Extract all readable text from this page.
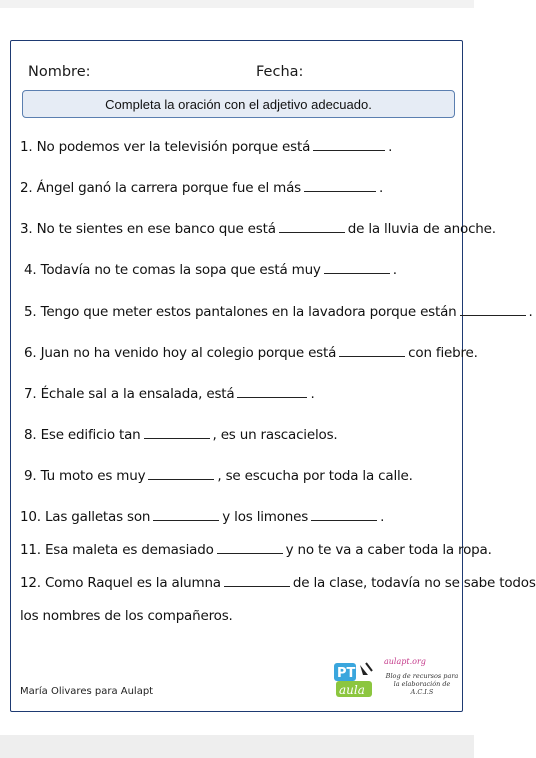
Nombre:	Fecha:
Completa la oración con el adjetivo adecuado.
1. No podemos ver la televisión porque está	.
2. Ángel ganó la carrera porque fue el más	.
3. No te sientes en ese banco que está	de la lluvia de anoche.
4. Todavía no te comas la sopa que está muy	.
5. Tengo que meter estos pantalones en la lavadora porque están	.
6. Juan no ha venido hoy al colegio porque está	con fiebre.
7. Échale sal a la ensalada, está	.
8. Ese edificio tan	, es un rascacielos.
9. Tu moto es muy	, se escucha por toda la calle.
10. Las galletas son	y los limones	.
11. Esa maleta es demasiado	y no te va a caber toda la ropa.
12. Como Raquel es la alumna	de la clase, todavía no se sabe todos
los nombres de los compañeros.
PT
aula
aulapt.org
Blog de recursos para la elaboración de A.C.I.S
María Olivares para Aulapt
